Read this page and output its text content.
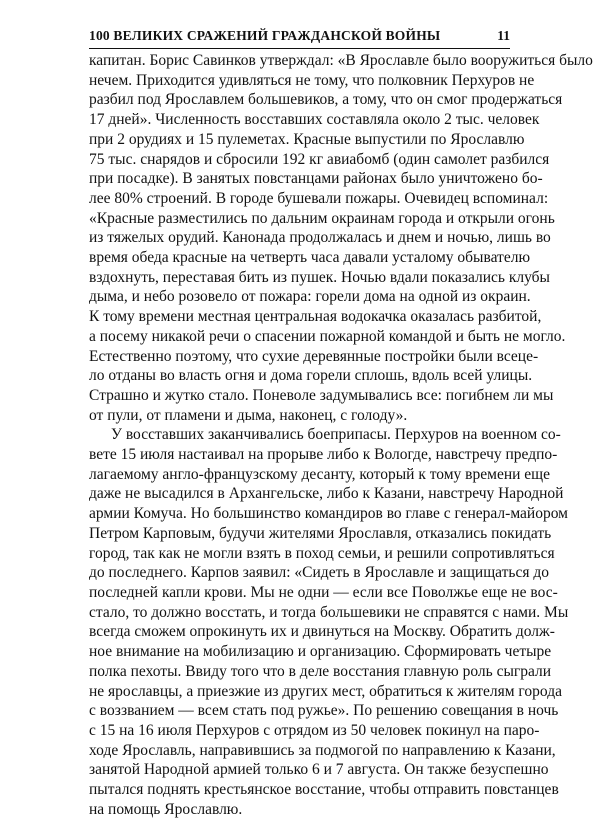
100 ВЕЛИКИХ СРАЖЕНИЙ ГРАЖДАНСКОЙ ВОЙНЫ	11

капитан. Борис Савинков утверждал: «В Ярославле было вооружиться было
нечем. Приходится удивляться не тому, что полковник Перхуров не
разбил под Ярославлем большевиков, а тому, что он смог продержаться
17 дней». Численность восставших составляла около 2 тыс. человек
при 2 орудиях и 15 пулеметах. Красные выпустили по Ярославлю
75 тыс. снарядов и сбросили 192 кг авиабомб (один самолет разбился
при посадке). В занятых повстанцами районах было уничтожено бо-
лее 80% строений. В городе бушевали пожары. Очевидец вспоминал:
«Красные разместились по дальним окраинам города и открыли огонь
из тяжелых орудий. Канонада продолжалась и днем и ночью, лишь во
время обеда красные на четверть часа давали усталому обывателю
вздохнуть, переставая бить из пушек. Ночью вдали показались клубы
дыма, и небо розовело от пожара: горели дома на одной из окраин.
К тому времени местная центральная водокачка оказалась разбитой,
а посему никакой речи о спасении пожарной командой и быть не могло.
Естественно поэтому, что сухие деревянные постройки были всеце-
ло отданы во власть огня и дома горели сплошь, вдоль всей улицы.
Страшно и жутко стало. Поневоле задумывались все: погибнем ли мы
от пули, от пламени и дыма, наконец, с голоду».

У восставших заканчивались боеприпасы. Перхуров на военном со-
вете 15 июля настаивал на прорыве либо к Вологде, навстречу предпо-
лагаемому англо-французскому десанту, который к тому времени еще
даже не высадился в Архангельске, либо к Казани, навстречу Народной
армии Комуча. Но большинство командиров во главе с генерал-майором
Петром Карповым, будучи жителями Ярославля, отказались покидать
город, так как не могли взять в поход семьи, и решили сопротивляться
до последнего. Карпов заявил: «Сидеть в Ярославле и защищаться до
последней капли крови. Мы не одни — если все Поволжье еще не вос-
стало, то должно восстать, и тогда большевики не справятся с нами. Мы
всегда сможем опрокинуть их и двинуться на Москву. Обратить долж-
ное внимание на мобилизацию и организацию. Сформировать четыре
полка пехоты. Ввиду того что в деле восстания главную роль сыграли
не ярославцы, а приезжие из других мест, обратиться к жителям города
с воззванием — всем стать под ружье». По решению совещания в ночь
с 15 на 16 июля Перхуров с отрядом из 50 человек покинул на паро-
ходе Ярославль, направившись за подмогой по направлению к Казани,
занятой Народной армией только 6 и 7 августа. Он также безуспешно
пытался поднять крестьянское восстание, чтобы отправить повстанцев
на помощь Ярославлю.
